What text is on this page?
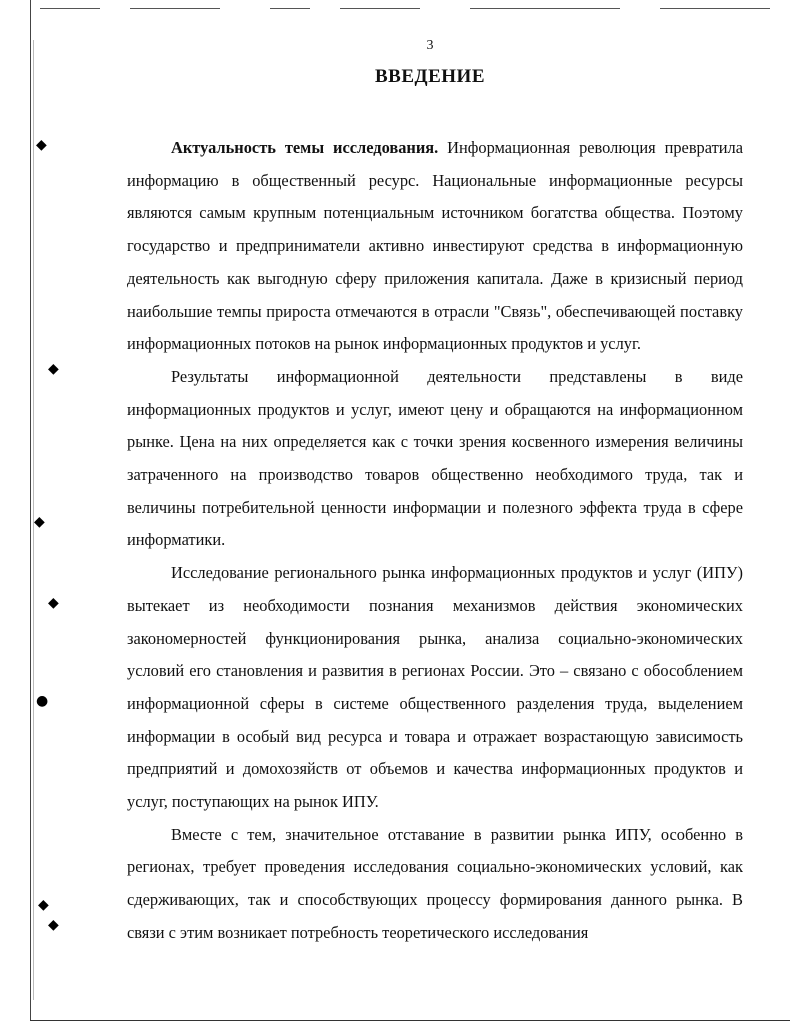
◆
◆
◆
◆
●
◆
◆
3
ВВЕДЕНИЕ

Актуальность темы исследования. Информационная революция превратила информацию в общественный ресурс. Национальные информационные ресурсы являются самым крупным потенциальным источником богатства общества. Поэтому государство и предприниматели активно инвестируют средства в информационную деятельность как выгодную сферу приложения капитала. Даже в кризисный период наибольшие темпы прироста отмечаются в отрасли "Связь", обеспечивающей поставку информационных потоков на рынок информационных продуктов и услуг.

Результаты информационной деятельности представлены в виде информационных продуктов и услуг, имеют цену и обращаются на информационном рынке. Цена на них определяется как с точки зрения косвенного измерения величины затраченного на производство товаров общественно необходимого труда, так и величины потребительной ценности информации и полезного эффекта труда в сфере информатики.

Исследование регионального рынка информационных продуктов и услуг (ИПУ) вытекает из необходимости познания механизмов действия экономических закономерностей функционирования рынка, анализа социально-экономических условий его становления и развития в регионах России. Это – связано с обособлением информационной сферы в системе общественного разделения труда, выделением информации в особый вид ресурса и товара и отражает возрастающую зависимость предприятий и домохозяйств от объемов и качества информационных продуктов и услуг, поступающих на рынок ИПУ.

Вместе с тем, значительное отставание в развитии рынка ИПУ, особенно в регионах, требует проведения исследования социально-экономических условий, как сдерживающих, так и способствующих процессу формирования данного рынка. В связи с этим возникает потребность теоретического исследования
